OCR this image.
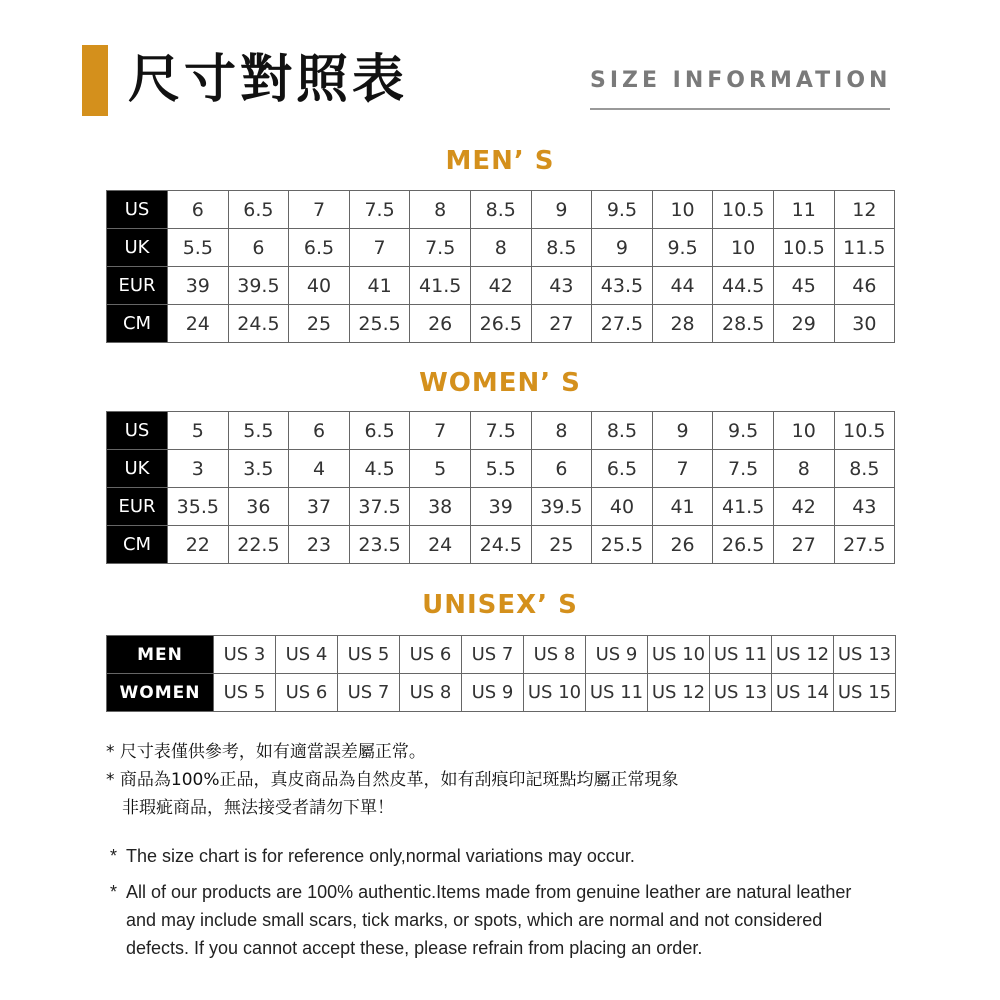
尺寸對照表	SIZE INFORMATION
MEN’ S
US	6	6.5	7	7.5	8	8.5	9	9.5	10	10.5	11	12
UK	5.5	6	6.5	7	7.5	8	8.5	9	9.5	10	10.5	11.5
EUR	39	39.5	40	41	41.5	42	43	43.5	44	44.5	45	46
CM	24	24.5	25	25.5	26	26.5	27	27.5	28	28.5	29	30
WOMEN’ S
US	5	5.5	6	6.5	7	7.5	8	8.5	9	9.5	10	10.5
UK	3	3.5	4	4.5	5	5.5	6	6.5	7	7.5	8	8.5
EUR	35.5	36	37	37.5	38	39	39.5	40	41	41.5	42	43
CM	22	22.5	23	23.5	24	24.5	25	25.5	26	26.5	27	27.5
UNISEX’ S
MEN	US 3	US 4	US 5	US 6	US 7	US 8	US 9	US 10	US 11	US 12	US 13
WOMEN	US 5	US 6	US 7	US 8	US 9	US 10	US 11	US 12	US 13	US 14	US 15
* 尺寸表僅供參考，如有適當誤差屬正常。
* 商品為100%正品，真皮商品為自然皮革，如有刮痕印記斑點均屬正常現象
非瑕疵商品，無法接受者請勿下單！
* The size chart is for reference only,normal variations may occur.
* All of our products are 100% authentic.Items made from genuine leather are natural leather and may include small scars, tick marks, or spots, which are normal and not considered defects. If you cannot accept these, please refrain from placing an order.
